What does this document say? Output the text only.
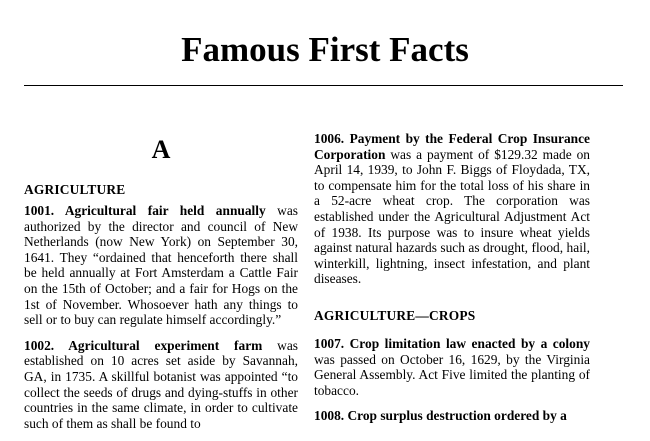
Famous First Facts
A
AGRICULTURE

1001. Agricultural fair held annually was authorized by the director and council of New Netherlands (now New York) on September 30, 1641. They “ordained that henceforth there shall be held annually at Fort Amsterdam a Cattle Fair on the 15th of October; and a fair for Hogs on the 1st of November. Whosoever hath any things to sell or to buy can regulate himself accordingly.”

1002. Agricultural experiment farm was established on 10 acres set aside by Savannah, GA, in 1735. A skillful botanist was appointed “to collect the seeds of drugs and dying-stuffs in other countries in the same climate, in order to cultivate such of them as shall be found to

1006. Payment by the Federal Crop Insurance Corporation was a payment of $129.32 made on April 14, 1939, to John F. Biggs of Floydada, TX, to compensate him for the total loss of his share in a 52-acre wheat crop. The corporation was established under the Agricultural Adjustment Act of 1938. Its purpose was to insure wheat yields against natural hazards such as drought, flood, hail, winterkill, lightning, insect infestation, and plant diseases.

AGRICULTURE—CROPS

1007. Crop limitation law enacted by a colony was passed on October 16, 1629, by the Virginia General Assembly. Act Five limited the planting of tobacco.

1008. Crop surplus destruction ordered by a
